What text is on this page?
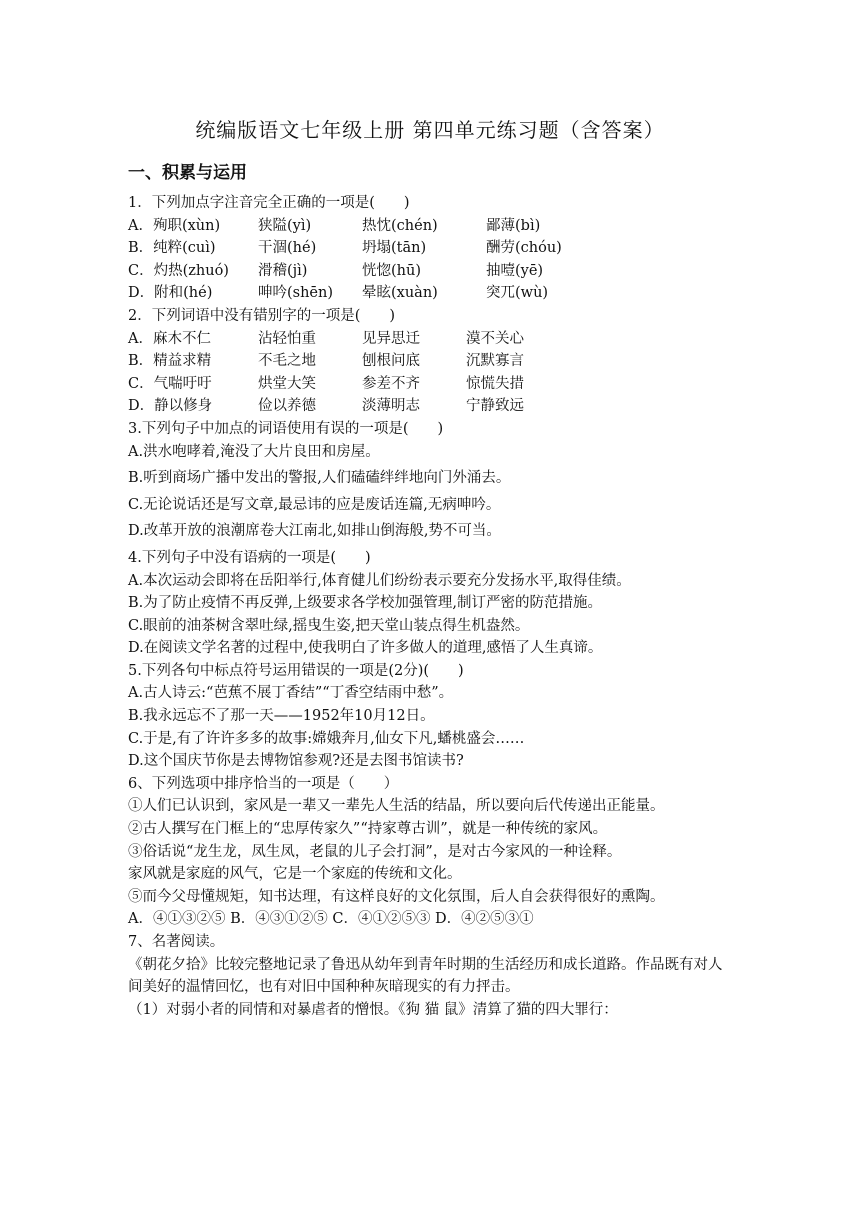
统编版语文七年级上册 第四单元练习题（含答案）
一、积累与运用
1．下列加点字注音完全正确的一项是(　　)
A．殉职(xùn)	狭隘(yì)	热忱(chén)	鄙薄(bì)
B．纯粹(cuì)	干涸(hé)	坍塌(tān)	酬劳(chóu)
C．灼热(zhuó) 滑稽(jì)	恍惚(hū)	抽噎(yē)
D．附和(hé)	呻吟(shēn) 晕眩(xuàn)	突兀(wù)
2．下列词语中没有错别字的一项是(　　)
A．麻木不仁	沾轻怕重	见异思迁	漠不关心
B．精益求精	不毛之地	刨根问底	沉默寡言
C．气喘吁吁	烘堂大笑	参差不齐	惊慌失措
D．静以修身	俭以养德	淡薄明志	宁静致远
3.下列句子中加点的词语使用有误的一项是(　　)
A.洪水咆哮着,淹没了大片良田和房屋。
B.听到商场广播中发出的警报,人们磕磕绊绊地向门外涌去。
C.无论说话还是写文章,最忌讳的应是废话连篇,无病呻吟。
D.改革开放的浪潮席卷大江南北,如排山倒海般,势不可当。
4.下列句子中没有语病的一项是(　　)
A.本次运动会即将在岳阳举行,体育健儿们纷纷表示要充分发扬水平,取得佳绩。
B.为了防止疫情不再反弹,上级要求各学校加强管理,制订严密的防范措施。
C.眼前的油茶树含翠吐绿,摇曳生姿,把天堂山装点得生机盎然。
D.在阅读文学名著的过程中,使我明白了许多做人的道理,感悟了人生真谛。
5.下列各句中标点符号运用错误的一项是(2分)(　　)
A.古人诗云:“芭蕉不展丁香结”“丁香空结雨中愁”。
B.我永远忘不了那一天——1952年10月12日。
C.于是,有了许许多多的故事:嫦娥奔月,仙女下凡,蟠桃盛会……
D.这个国庆节你是去博物馆参观?还是去图书馆读书?
6、下列选项中排序恰当的一项是（　　）
①人们已认识到，家风是一辈又一辈先人生活的结晶，所以要向后代传递出正能量。
②古人撰写在门框上的“忠厚传家久”“持家尊古训”，就是一种传统的家风。
③俗话说“龙生龙，凤生凤，老鼠的儿子会打洞”，是对古今家风的一种诠释。
家风就是家庭的风气，它是一个家庭的传统和文化。
⑤而今父母懂规矩，知书达理，有这样良好的文化氛围，后人自会获得很好的熏陶。
A．④①③②⑤ B．④③①②⑤ C．④①②⑤③ D．④②⑤③①
7、名著阅读。
《朝花夕拾》比较完整地记录了鲁迅从幼年到青年时期的生活经历和成长道路。作品既有对人间美好的温情回忆，也有对旧中国种种灰暗现实的有力抨击。
（1）对弱小者的同情和对暴虐者的憎恨。《狗 猫 鼠》清算了猫的四大罪行：
